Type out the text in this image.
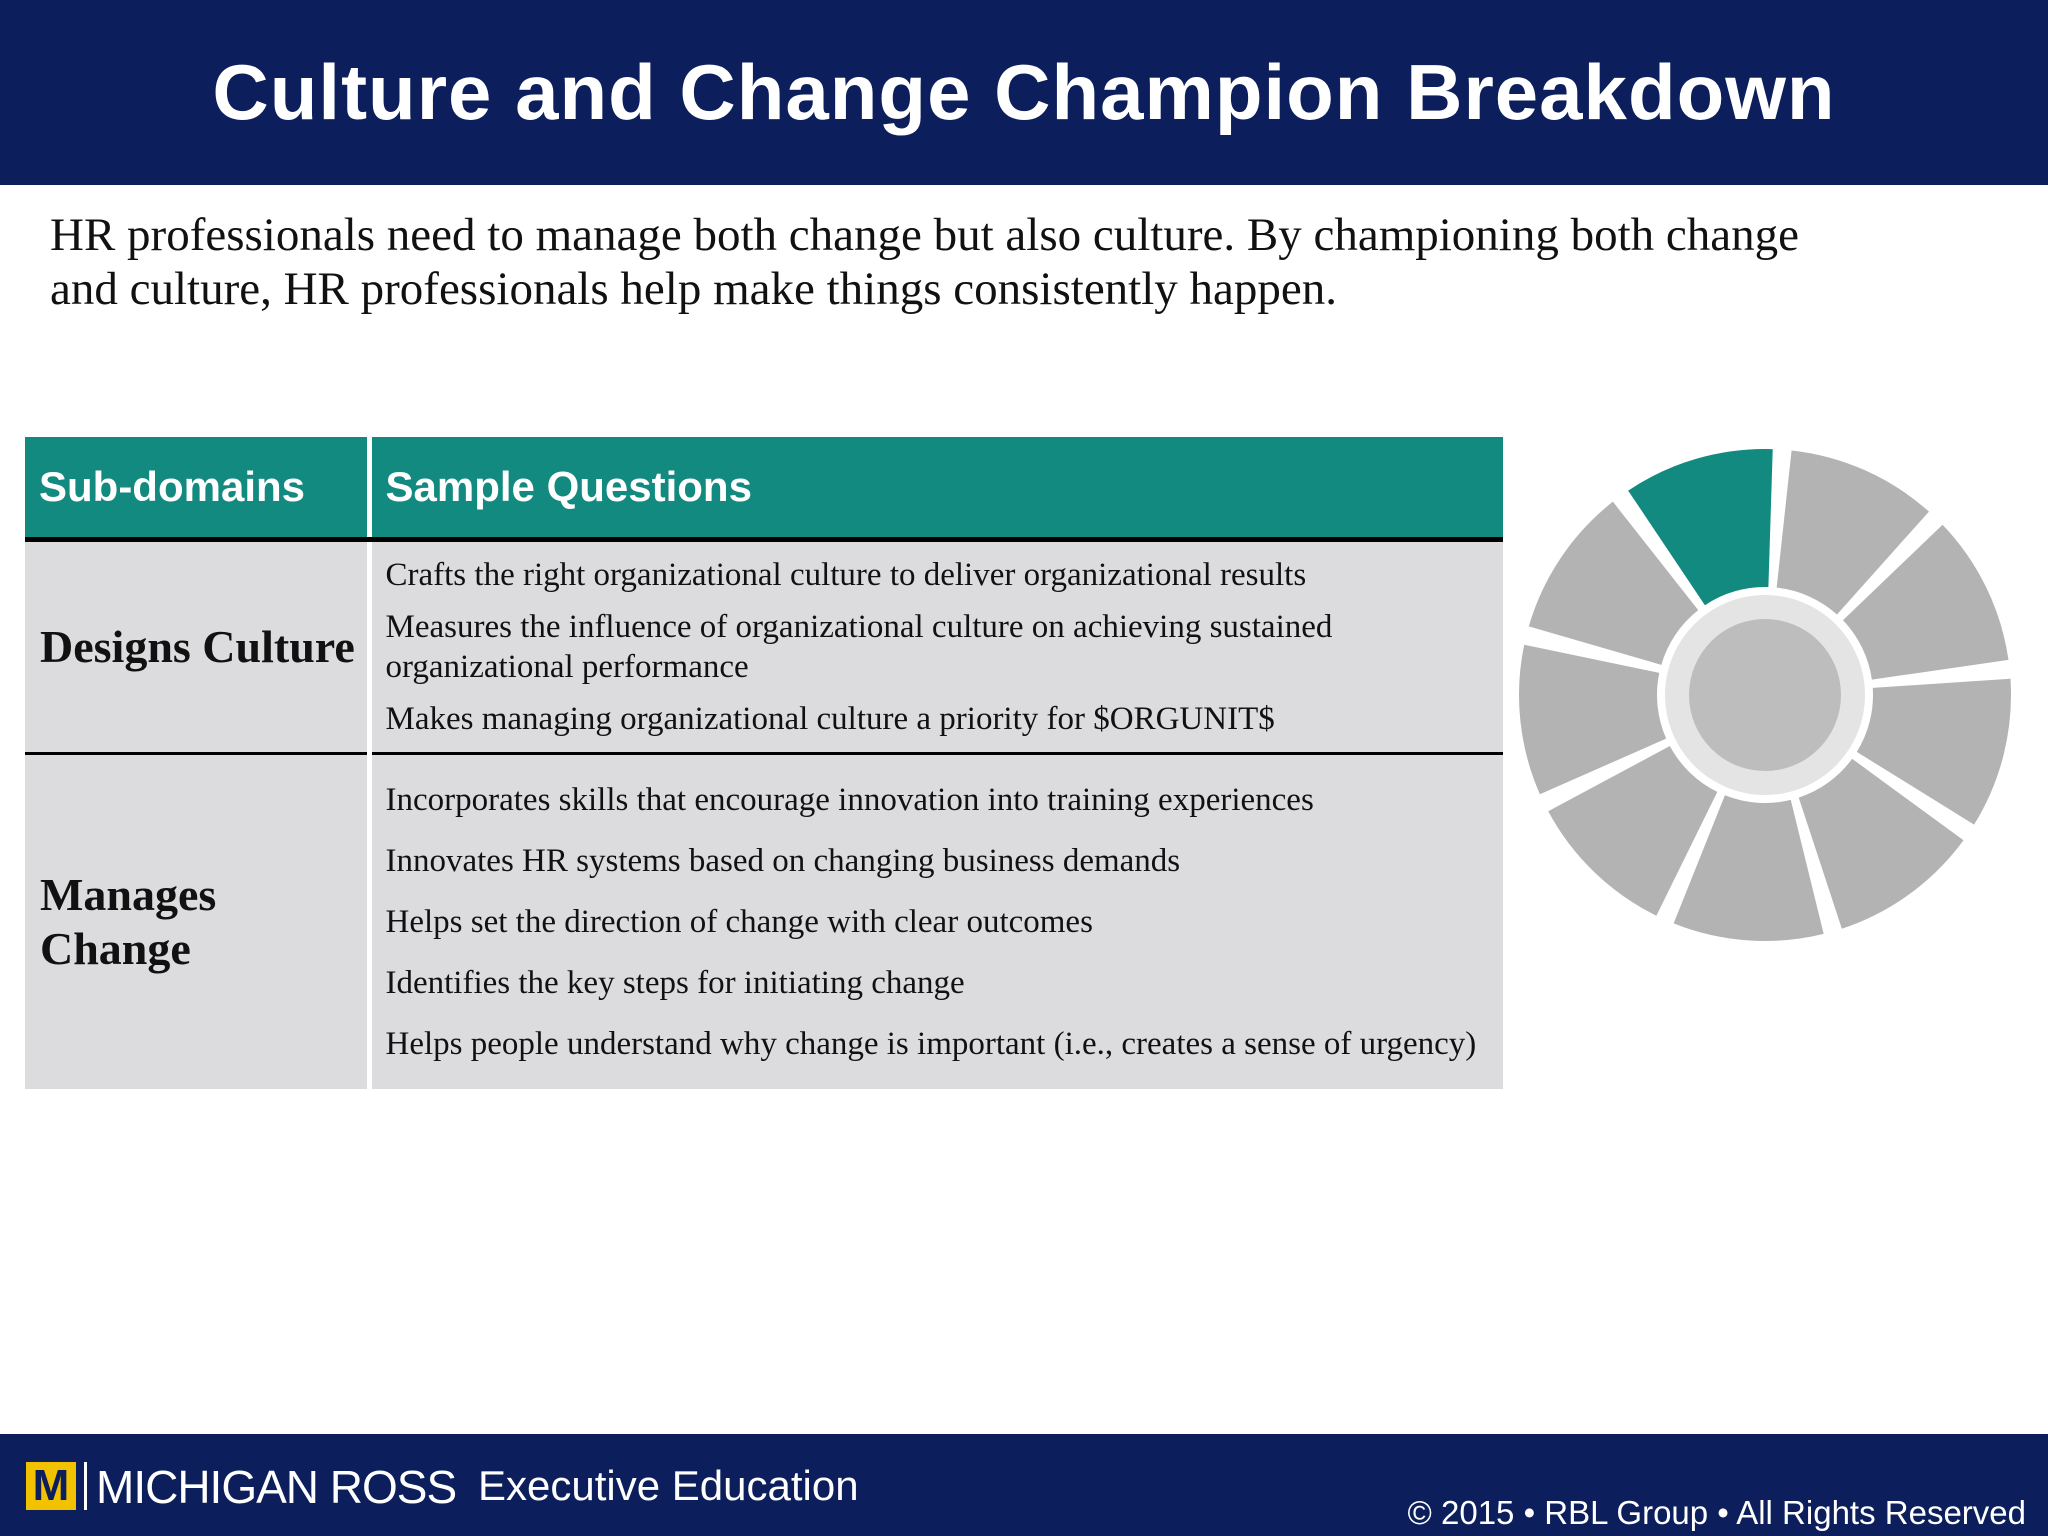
Culture and Change Champion Breakdown
HR professionals need to manage both change but also culture. By championing both change and culture, HR professionals help make things consistently happen.
Sub-domains	Sample Questions
Designs Culture	Crafts the right organizational culture to deliver organizational results
Measures the influence of organizational culture on achieving sustained organizational performance
Makes managing organizational culture a priority for $ORGUNIT$

Manages Change	Incorporates skills that encourage innovation into training experiences
Innovates HR systems based on changing business demands
Helps set the direction of change with clear outcomes
Identifies the key steps for initiating change
Helps people understand why change is important (i.e., creates a sense of urgency)
M MICHIGAN ROSS Executive Education
© 2015 • RBL Group • All Rights Reserved
